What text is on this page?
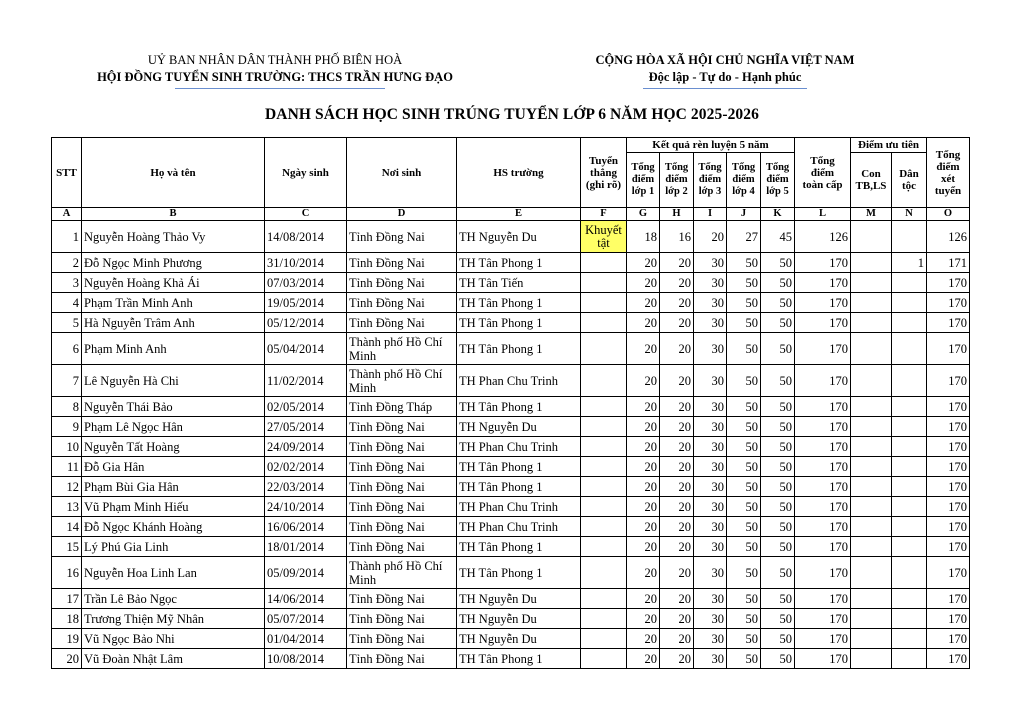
UỶ BAN NHÂN DÂN THÀNH PHỐ BIÊN HOÀ
HỘI ĐỒNG TUYỂN SINH TRƯỜNG: THCS TRẦN HƯNG ĐẠO
CỘNG HÒA XÃ HỘI CHỦ NGHĨA VIỆT NAM
Độc lập - Tự do - Hạnh phúc
DANH SÁCH HỌC SINH TRÚNG TUYỂN LỚP 6 NĂM HỌC 2025-2026
STT	Họ và tên	Ngày sinh	Nơi sinh	HS trường	Tuyển thẳng (ghi rõ)	Kết quả rèn luyện 5 năm					Tổng điểm toàn cấp	Điểm ưu tiên		Tổng điểm xét tuyển
						Tổng điểm lớp 1	Tổng điểm lớp 2	Tổng điểm lớp 3	Tổng điểm lớp 4	Tổng điểm lớp 5		Con TB,LS	Dân tộc	
A	B	C	D	E	F	G	H	I	J	K	L	M	N	O
1	Nguyễn Hoàng Thảo Vy	14/08/2014	Tỉnh Đồng Nai	TH Nguyễn Du	Khuyết tật	18	16	20	27	45	126			126
2	Đỗ Ngọc Minh Phương	31/10/2014	Tỉnh Đồng Nai	TH Tân Phong 1		20	20	30	50	50	170		1	171
3	Nguyễn Hoàng Khả Ái	07/03/2014	Tỉnh Đồng Nai	TH Tân Tiến		20	20	30	50	50	170			170
4	Phạm Trần Minh Anh	19/05/2014	Tỉnh Đồng Nai	TH Tân Phong 1		20	20	30	50	50	170			170
5	Hà Nguyễn Trâm Anh	05/12/2014	Tỉnh Đồng Nai	TH Tân Phong 1		20	20	30	50	50	170			170
6	Phạm Minh Anh	05/04/2014	Thành phố Hồ Chí Minh	TH Tân Phong 1		20	20	30	50	50	170			170
7	Lê Nguyễn Hà Chi	11/02/2014	Thành phố Hồ Chí Minh	TH Phan Chu Trinh		20	20	30	50	50	170			170
8	Nguyễn Thái Bảo	02/05/2014	Tỉnh Đồng Tháp	TH Tân Phong 1		20	20	30	50	50	170			170
9	Phạm Lê Ngọc Hân	27/05/2014	Tỉnh Đồng Nai	TH Nguyễn Du		20	20	30	50	50	170			170
10	Nguyễn Tất Hoàng	24/09/2014	Tỉnh Đồng Nai	TH Phan Chu Trinh		20	20	30	50	50	170			170
11	Đỗ Gia Hân	02/02/2014	Tỉnh Đồng Nai	TH Tân Phong 1		20	20	30	50	50	170			170
12	Phạm Bùi Gia Hân	22/03/2014	Tỉnh Đồng Nai	TH Tân Phong 1		20	20	30	50	50	170			170
13	Vũ Phạm Minh Hiếu	24/10/2014	Tỉnh Đồng Nai	TH Phan Chu Trinh		20	20	30	50	50	170			170
14	Đỗ Ngọc Khánh Hoàng	16/06/2014	Tỉnh Đồng Nai	TH Phan Chu Trinh		20	20	30	50	50	170			170
15	Lý Phú Gia Linh	18/01/2014	Tỉnh Đồng Nai	TH Tân Phong 1		20	20	30	50	50	170			170
16	Nguyễn Hoa Linh Lan	05/09/2014	Thành phố Hồ Chí Minh	TH Tân Phong 1		20	20	30	50	50	170			170
17	Trần Lê Bảo Ngọc	14/06/2014	Tỉnh Đồng Nai	TH Nguyễn Du		20	20	30	50	50	170			170
18	Trương Thiện Mỹ Nhân	05/07/2014	Tỉnh Đồng Nai	TH Nguyễn Du		20	20	30	50	50	170			170
19	Vũ Ngọc Bảo Nhi	01/04/2014	Tỉnh Đồng Nai	TH Nguyễn Du		20	20	30	50	50	170			170
20	Vũ Đoàn Nhật Lâm	10/08/2014	Tỉnh Đồng Nai	TH Tân Phong 1		20	20	30	50	50	170			170
